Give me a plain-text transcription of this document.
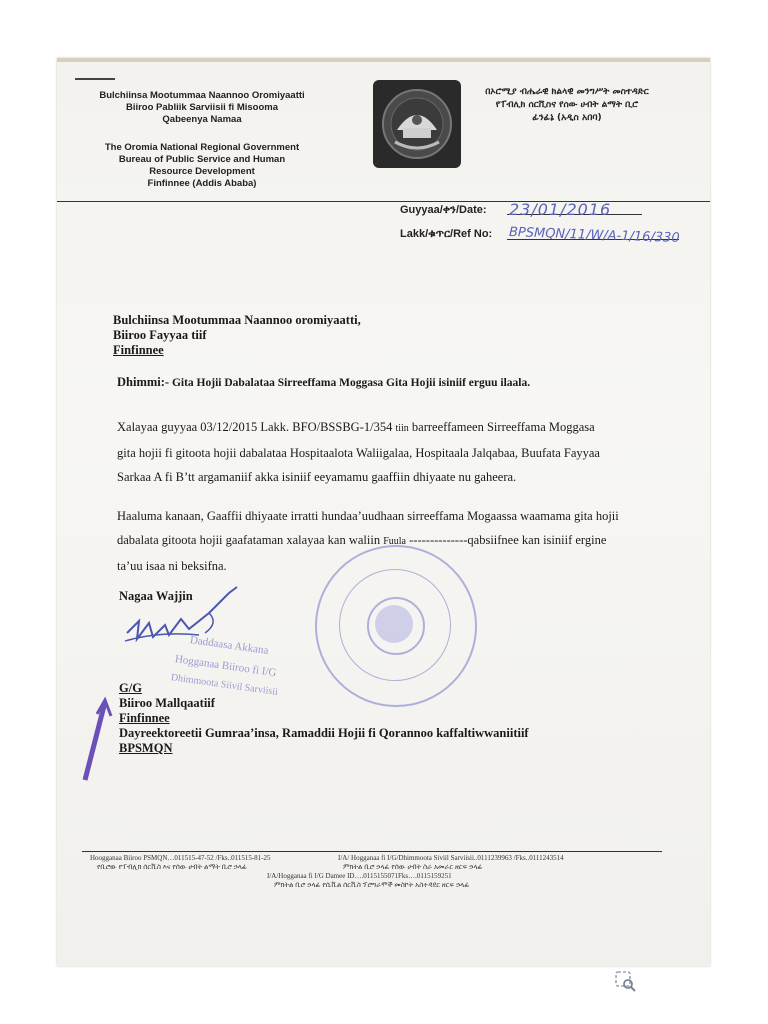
Bulchiinsa Mootummaa Naannoo Oromiyaatti
Biiroo Pabliik Sarviisii fi Misooma
Qabeenya Namaa
The Oromia National Regional Government
Bureau of Public Service and Human
Resource Development
Finfinnee (Addis Ababa)
በኦሮሚያ ብሔራዊ ክልላዊ መንግሥት መስተዳድር
የፐብሊክ ሰርቪስና የሰው ሀብት ልማት ቢሮ
ፊንፊኔ (አዲስ አበባ)
Guyyaa/ቀን/Date: 23/01/2016
Lakk/ቁጥር/Ref No: BPSMQN/11/W/A-1/16/330
Bulchiinsa Mootummaa Naannoo oromiyaatti,
Biiroo Fayyaa tiif
Finfinnee
Dhimmi:- Gita Hojii Dabalataa Sirreeffama Moggasa Gita Hojii isiniif erguu ilaala.
Xalayaa guyyaa 03/12/2015 Lakk. BFO/BSSBG-1/354 tiin barreeffameen Sirreeffama Moggasa
gita hojii fi gitoota hojii dabalataa Hospitaalota Waliigalaa, Hospitaala Jalqabaa, Buufata Fayyaa
Sarkaa A fi B’tt argamaniif akka isiniif eeyamamu gaaffiin dhiyaate nu gaheera.
Haaluma kanaan, Gaaffii dhiyaate irratti hundaa’uudhaan sirreeffama Mogaassa waamama gita hojii
dabalata gitoota hojii gaafataman xalayaa kan waliin Fuula --------------qabsiifnee kan isiniif ergine
ta’uu isaa ni beksifna.
Nagaa Wajjin
Daddaasa Akkana
Hogganaa Biiroo fi I/G
Dhimmoota Siivil Sarviisii
G/G
Biiroo Mallqaatiif
Finfinnee
Dayreektoreetii Gumraa’insa, Ramaddii Hojii fi Qorannoo kaffaltiwwaniitiif
BPSMQN
Hoogganaa Biiroo PSMQN…011515-47-52 /Fks..011515-81-25
የቢሮው የፐብሊክ ሰርቪስ እና የሰው ሀብት ልማት ቢሮ ኃላፊ
I/A/ Hogganaa fi I/G/Dhimmoota Siviil Sarviisii..0111239963 /Fks..0111243514
ምክትል ቢሮ ኃላፊ የሰው ሀብት ስራ አመራር ዘርፍ ኃላፊ
I/A/Hogganaa fi I/G Damee ID….0115155071Fks….0115159251
ምክትል ቢሮ ኃላፊ የሲቪል ሰርቪስ ፕሮግራሞች መስኮት አስተዳደር ዘርፍ ኃላፊ
